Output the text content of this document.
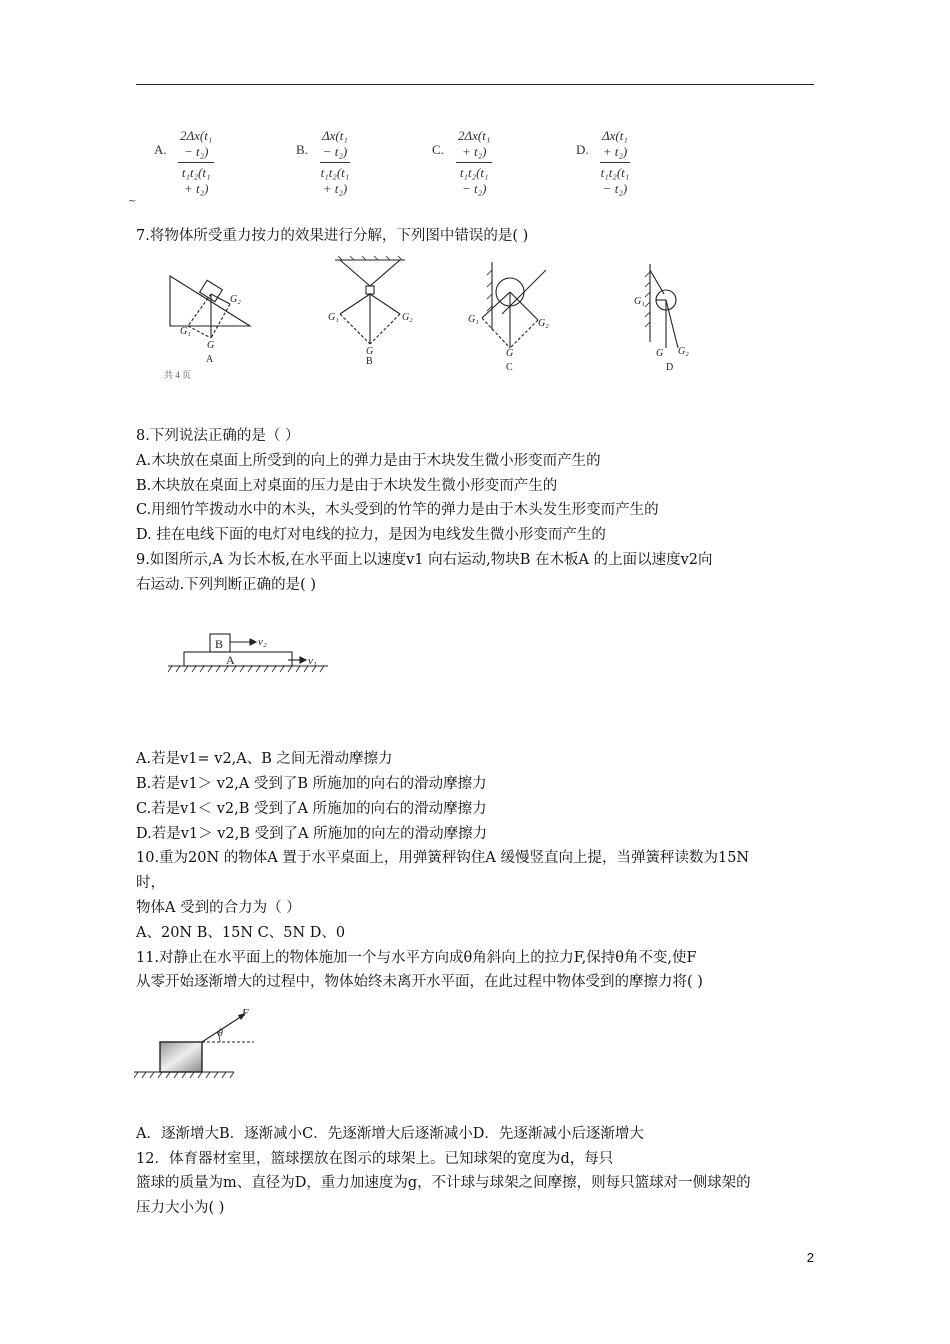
A. $\frac{\text{2Δx(t₁ − t₂)}}{\text{t₁t₂(t₁ + t₂)}}$	B. $\frac{\text{Δx(t₁ − t₂)}}{\text{t₁t₂(t₁ + t₂)}}$	C. $\frac{\text{2Δx(t₁ + t₂)}}{\text{t₁t₂(t₁ − t₂)}}$	D. $\frac{\text{Δx(t₁ + t₂)}}{\text{t₁t₂(t₁ − t₂)}}$
~
7.将物体所受重力按力的效果进行分解，下列图中错误的是( )
G₂
G₁
G
G₁	G₂
G
G₁	G₂
G
G₁
G G₂
A	B
C	D
共 4 页
8.下列说法正确的是（ ）
A.木块放在桌面上所受到的向上的弹力是由于木块发生微小形变而产生的
B.木块放在桌面上对桌面的压力是由于木块发生微小形变而产生的
C.用细竹竿拨动水中的木头，木头受到的竹竿的弹力是由于木头发生形变而产生的
D. 挂在电线下面的电灯对电线的拉力，是因为电线发生微小形变而产生的
9.如图所示,A 为长木板,在水平面上以速度v1 向右运动,物块B 在木板A 的上面以速度v2向
右运动.下列判断正确的是( )
B
A
v₂
v₁
A.若是v1= v2,A、B 之间无滑动摩擦力
B.若是v1＞ v2,A 受到了B 所施加的向右的滑动摩擦力
C.若是v1＜ v2,B 受到了A 所施加的向右的滑动摩擦力
D.若是v1＞ v2,B 受到了A 所施加的向左的滑动摩擦力
10.重为20N 的物体A 置于水平桌面上，用弹簧秤钩住A 缓慢竖直向上提，当弹簧秤读数为15N
时，
物体A 受到的合力为（ ）
A、20N B、15N C、5N D、0
11.对静止在水平面上的物体施加一个与水平方向成θ角斜向上的拉力F,保持θ角不变,使F
从零开始逐渐增大的过程中，物体始终未离开水平面，在此过程中物体受到的摩擦力将( )
F
θ
A．逐渐增大B．逐渐减小C．先逐渐增大后逐渐减小D．先逐渐减小后逐渐增大
12．体育器材室里，篮球摆放在图示的球架上。已知球架的宽度为d，每只
篮球的质量为m、直径为D，重力加速度为g，不计球与球架之间摩擦，则每只篮球对一侧球架的
压力大小为( )
2
